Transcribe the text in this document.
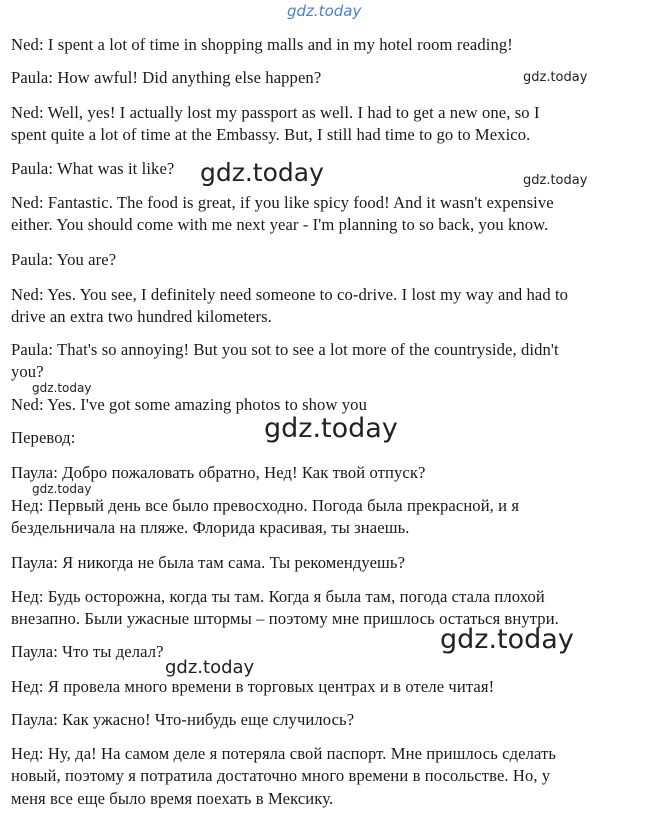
gdz.today
Ned: I spent a lot of time in shopping malls and in my hotel room reading!
Paula: How awful! Did anything else happen?
Ned: Well, yes! I actually lost my passport as well. I had to get a new one, so I
spent quite a lot of time at the Embassy. But, I still had time to go to Mexico.
Paula: What was it like?
Ned: Fantastic. The food is great, if you like spicy food! And it wasn't expensive
either. You should come with me next year - I'm planning to so back, you know.
Paula: You are?
Ned: Yes. You see, I definitely need someone to co-drive. I lost my way and had to
drive an extra two hundred kilometers.
Paula: That's so annoying! But you sot to see a lot more of the countryside, didn't
you?
Ned: Yes. I've got some amazing photos to show you
Перевод:
Паула: Добро пожаловать обратно, Нед! Как твой отпуск?
Нед: Первый день все было превосходно. Погода была прекрасной, и я
бездельничала на пляже. Флорида красивая, ты знаешь.
Паула: Я никогда не была там сама. Ты рекомендуешь?
Нед: Будь осторожна, когда ты там. Когда я была там, погода стала плохой
внезапно. Были ужасные штормы – поэтому мне пришлось остаться внутри.
Паула: Что ты делал?
Нед: Я провела много времени в торговых центрах и в отеле читая!
Паула: Как ужасно! Что-нибудь еще случилось?
Нед: Ну, да! На самом деле я потеряла свой паспорт. Мне пришлось сделать
новый, поэтому я потратила достаточно много времени в посольстве. Но, у
меня все еще было время поехать в Мексику.
gdz.today
gdz.today	gdz.today
gdz.today
gdz.today
gdz.today
gdz.today
gdz.today
